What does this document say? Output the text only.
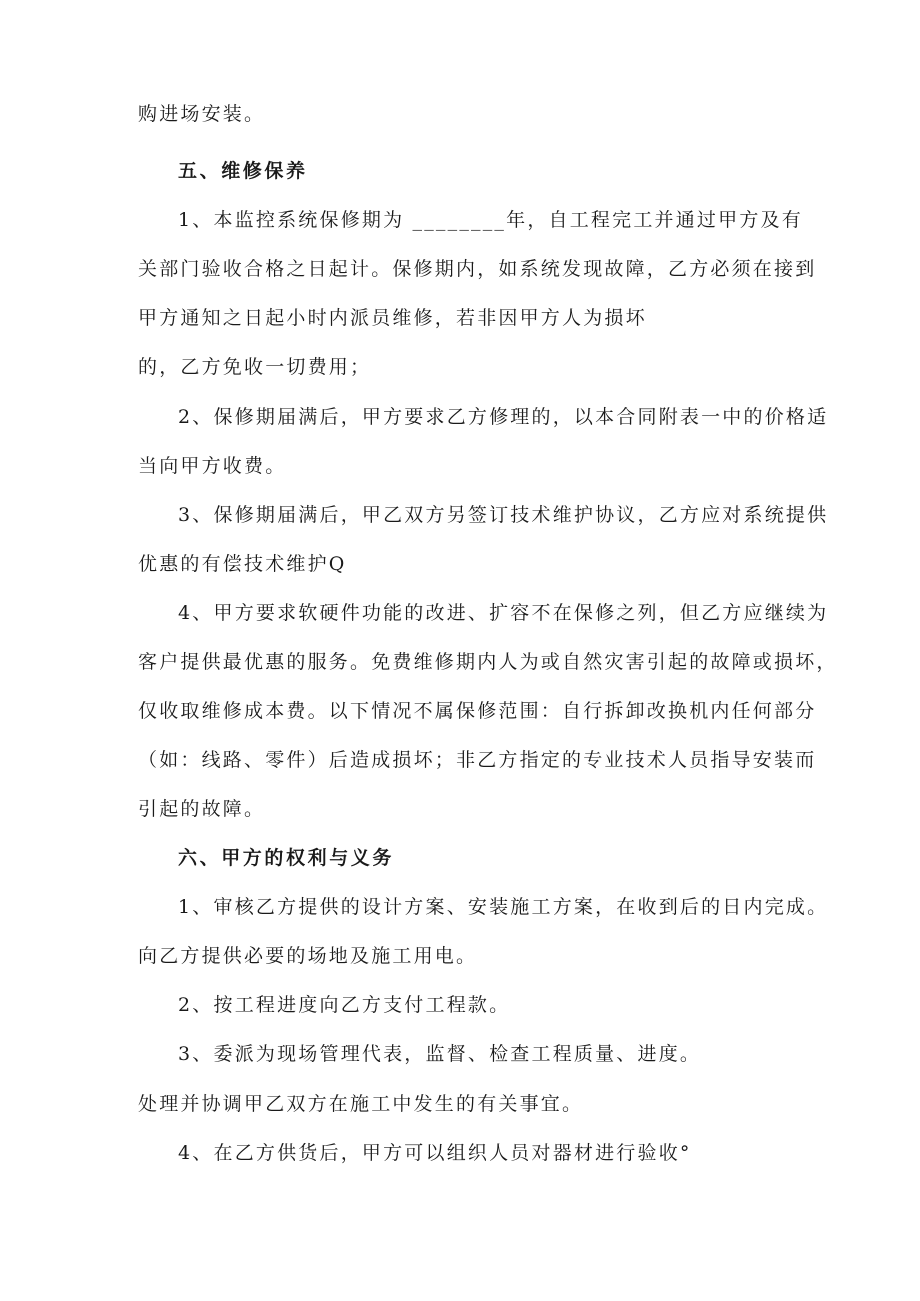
购进场安装。
五、维修保养
1、本监控系统保修期为 ________年，自工程完工并通过甲方及有
关部门验收合格之日起计。保修期内，如系统发现故障，乙方必须在接到
甲方通知之日起小时内派员维修，若非因甲方人为损坏
的，乙方免收一切费用；
2、保修期届满后，甲方要求乙方修理的，以本合同附表一中的价格适
当向甲方收费。
3、保修期届满后，甲乙双方另签订技术维护协议，乙方应对系统提供
优惠的有偿技术维护Q
4、甲方要求软硬件功能的改进、扩容不在保修之列，但乙方应继续为
客户提供最优惠的服务。免费维修期内人为或自然灾害引起的故障或损坏，
仅收取维修成本费。以下情况不属保修范围：自行拆卸改换机内任何部分
（如：线路、零件）后造成损坏；非乙方指定的专业技术人员指导安装而
引起的故障。
六、甲方的权利与义务
1、审核乙方提供的设计方案、安装施工方案，在收到后的日内完成。
向乙方提供必要的场地及施工用电。
2、按工程进度向乙方支付工程款。
3、委派为现场管理代表，监督、检查工程质量、进度。
处理并协调甲乙双方在施工中发生的有关事宜。
4、在乙方供货后，甲方可以组织人员对器材进行验收°
